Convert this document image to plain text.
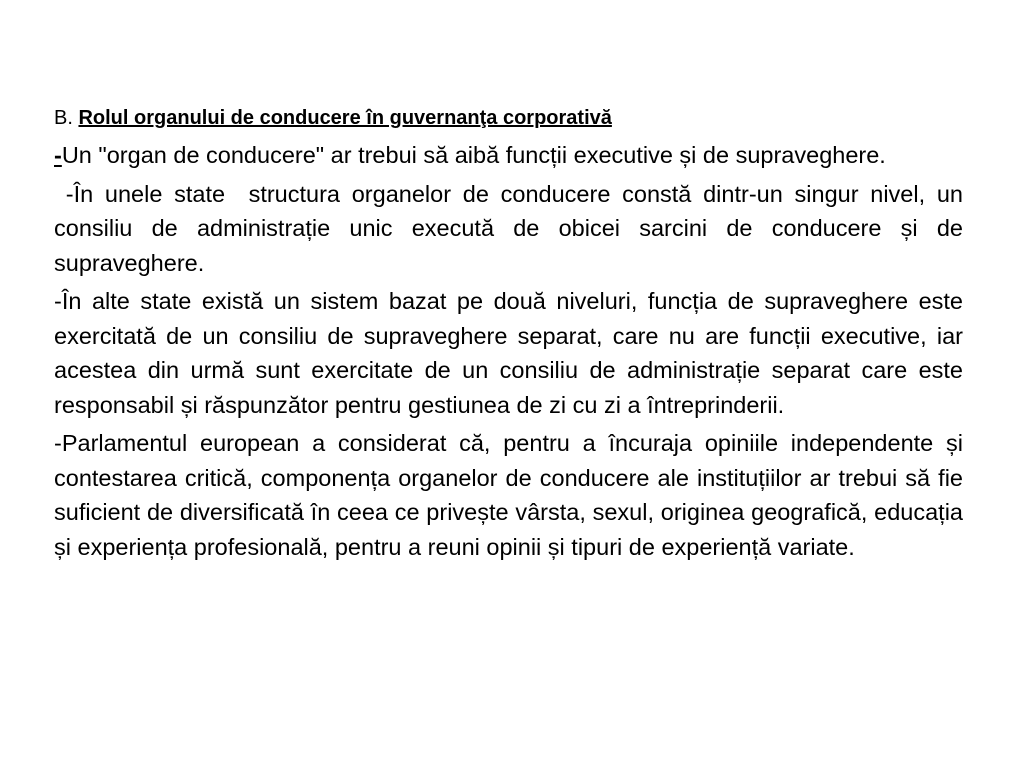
B. Rolul organului de conducere în guvernanţa corporativă

-Un "organ de conducere" ar trebui să aibă funcții executive și de supraveghere.

-În unele state  structura organelor de conducere constă dintr-un singur nivel, un consiliu de administrație unic execută de obicei sarcini de conducere și de supraveghere.

-În alte state există un sistem bazat pe două niveluri, funcția de supraveghere este exercitată de un consiliu de supraveghere separat, care nu are funcții executive, iar acestea din urmă sunt exercitate de un consiliu de administrație separat care este responsabil și răspunzător pentru gestiunea de zi cu zi a întreprinderii.

-Parlamentul european a considerat că, pentru a încuraja opiniile independente și contestarea critică, componența organelor de conducere ale instituțiilor ar trebui să fie suficient de diversificată în ceea ce privește vârsta, sexul, originea geografică, educația și experiența profesională, pentru a reuni opinii și tipuri de experiență variate.
